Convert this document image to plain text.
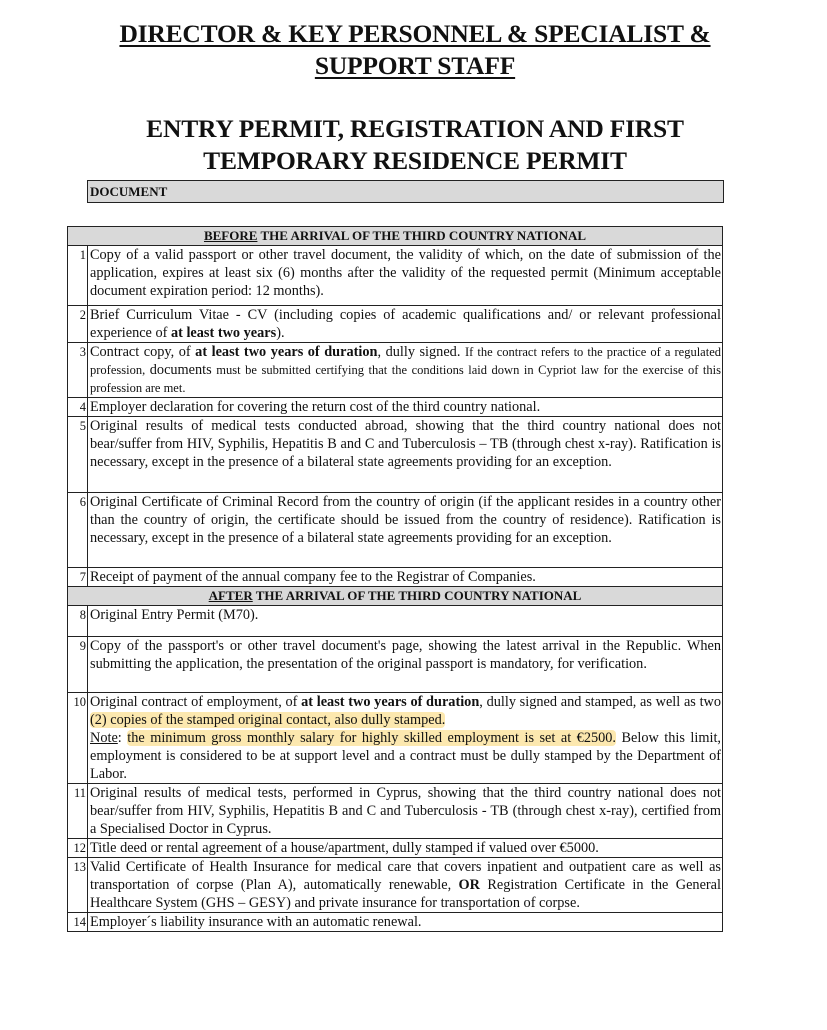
DIRECTOR & KEY PERSONNEL & SPECIALIST &
SUPPORT STAFF
ENTRY PERMIT, REGISTRATION AND FIRST
TEMPORARY RESIDENCE PERMIT
DOCUMENT
BEFORE THE ARRIVAL OF THE THIRD COUNTRY NATIONAL	
1	Copy of a valid passport or other travel document, the validity of which, on the date of submission of the application, expires at least six (6) months after the validity of the requested permit (Minimum acceptable document expiration period: 12 months).
2	Brief Curriculum Vitae - CV (including copies of academic qualifications and/ or relevant professional experience of at least two years).
3	Contract copy, of at least two years of duration, dully signed. If the contract refers to the practice of a regulated profession, documents must be submitted certifying that the conditions laid down in Cypriot law for the exercise of this profession are met.
4	Employer declaration for covering the return cost of the third country national.
5	Original results of medical tests conducted abroad, showing that the third country national does not bear/suffer from HIV, Syphilis, Hepatitis B and C and Tuberculosis – TB (through chest x-ray). Ratification is necessary, except in the presence of a bilateral state agreements providing for an exception.
6	Original Certificate of Criminal Record from the country of origin (if the applicant resides in a country other than the country of origin, the certificate should be issued from the country of residence). Ratification is necessary, except in the presence of a bilateral state agreements providing for an exception.
7	Receipt of payment of the annual company fee to the Registrar of Companies.
AFTER THE ARRIVAL OF THE THIRD COUNTRY NATIONAL	
8	Original Entry Permit (M70).
9	Copy of the passport's or other travel document's page, showing the latest arrival in the Republic. When submitting the application, the presentation of the original passport is mandatory, for verification.
10	Original contract of employment, of at least two years of duration, dully signed and stamped, as well as two (2) copies of the stamped original contact, also dully stamped.
Note: the minimum gross monthly salary for highly skilled employment is set at €2500. Below this limit, employment is considered to be at support level and a contract must be dully stamped by the Department of Labor.
11	Original results of medical tests, performed in Cyprus, showing that the third country national does not bear/suffer from HIV, Syphilis, Hepatitis B and C and Tuberculosis - TB (through chest x-ray), certified from a Specialised Doctor in Cyprus.
12	Title deed or rental agreement of a house/apartment, dully stamped if valued over €5000.
13	Valid Certificate of Health Insurance for medical care that covers inpatient and outpatient care as well as transportation of corpse (Plan A), automatically renewable, OR Registration Certificate in the General Healthcare System (GHS – GESY) and private insurance for transportation of corpse.
14	Employer´s liability insurance with an automatic renewal.
